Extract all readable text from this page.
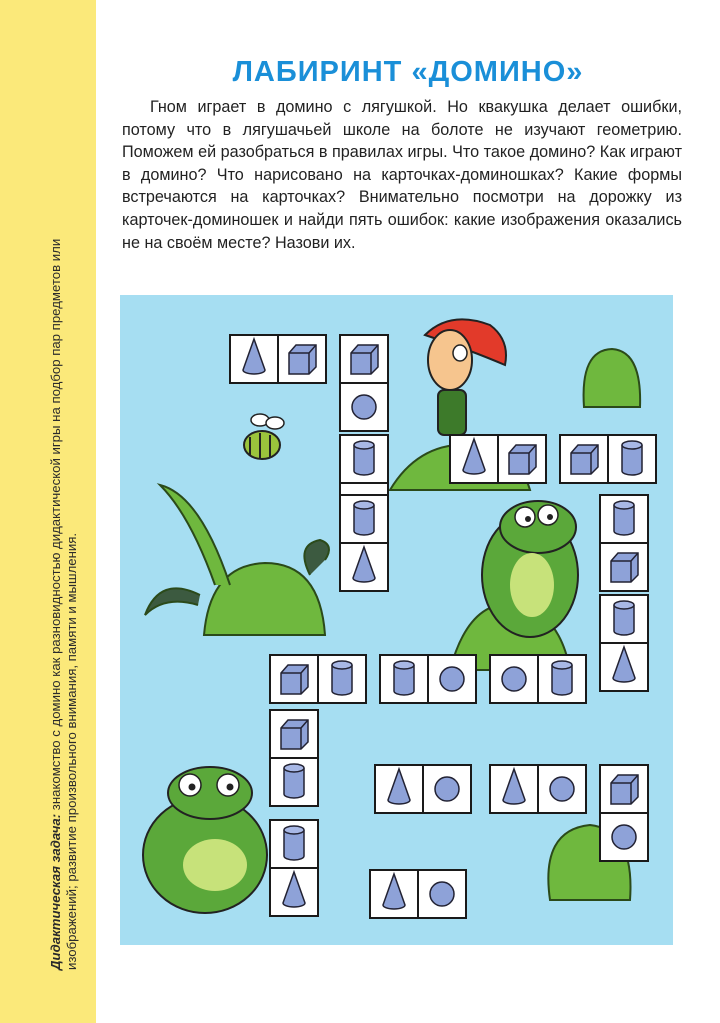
Дидактическая задача: знакомство с домино как разновидностью дидактической игры на подбор пар предметов или изображений; развитие произвольного внимания, памяти и мышления.
ЛАБИРИНТ «ДОМИНО»

Гном играет в домино с лягушкой. Но квакушка делает ошибки, потому что в лягушачьей школе на болоте не изучают геометрию. Поможем ей разобраться в правилах игры. Что такое домино? Как играют в домино? Что нарисовано на карточках-доминошках? Какие формы встречаются на карточках? Внимательно посмотри на дорожку из карточек-доминошек и найди пять ошибок: какие изображения оказались не на своём месте? Назови их.
